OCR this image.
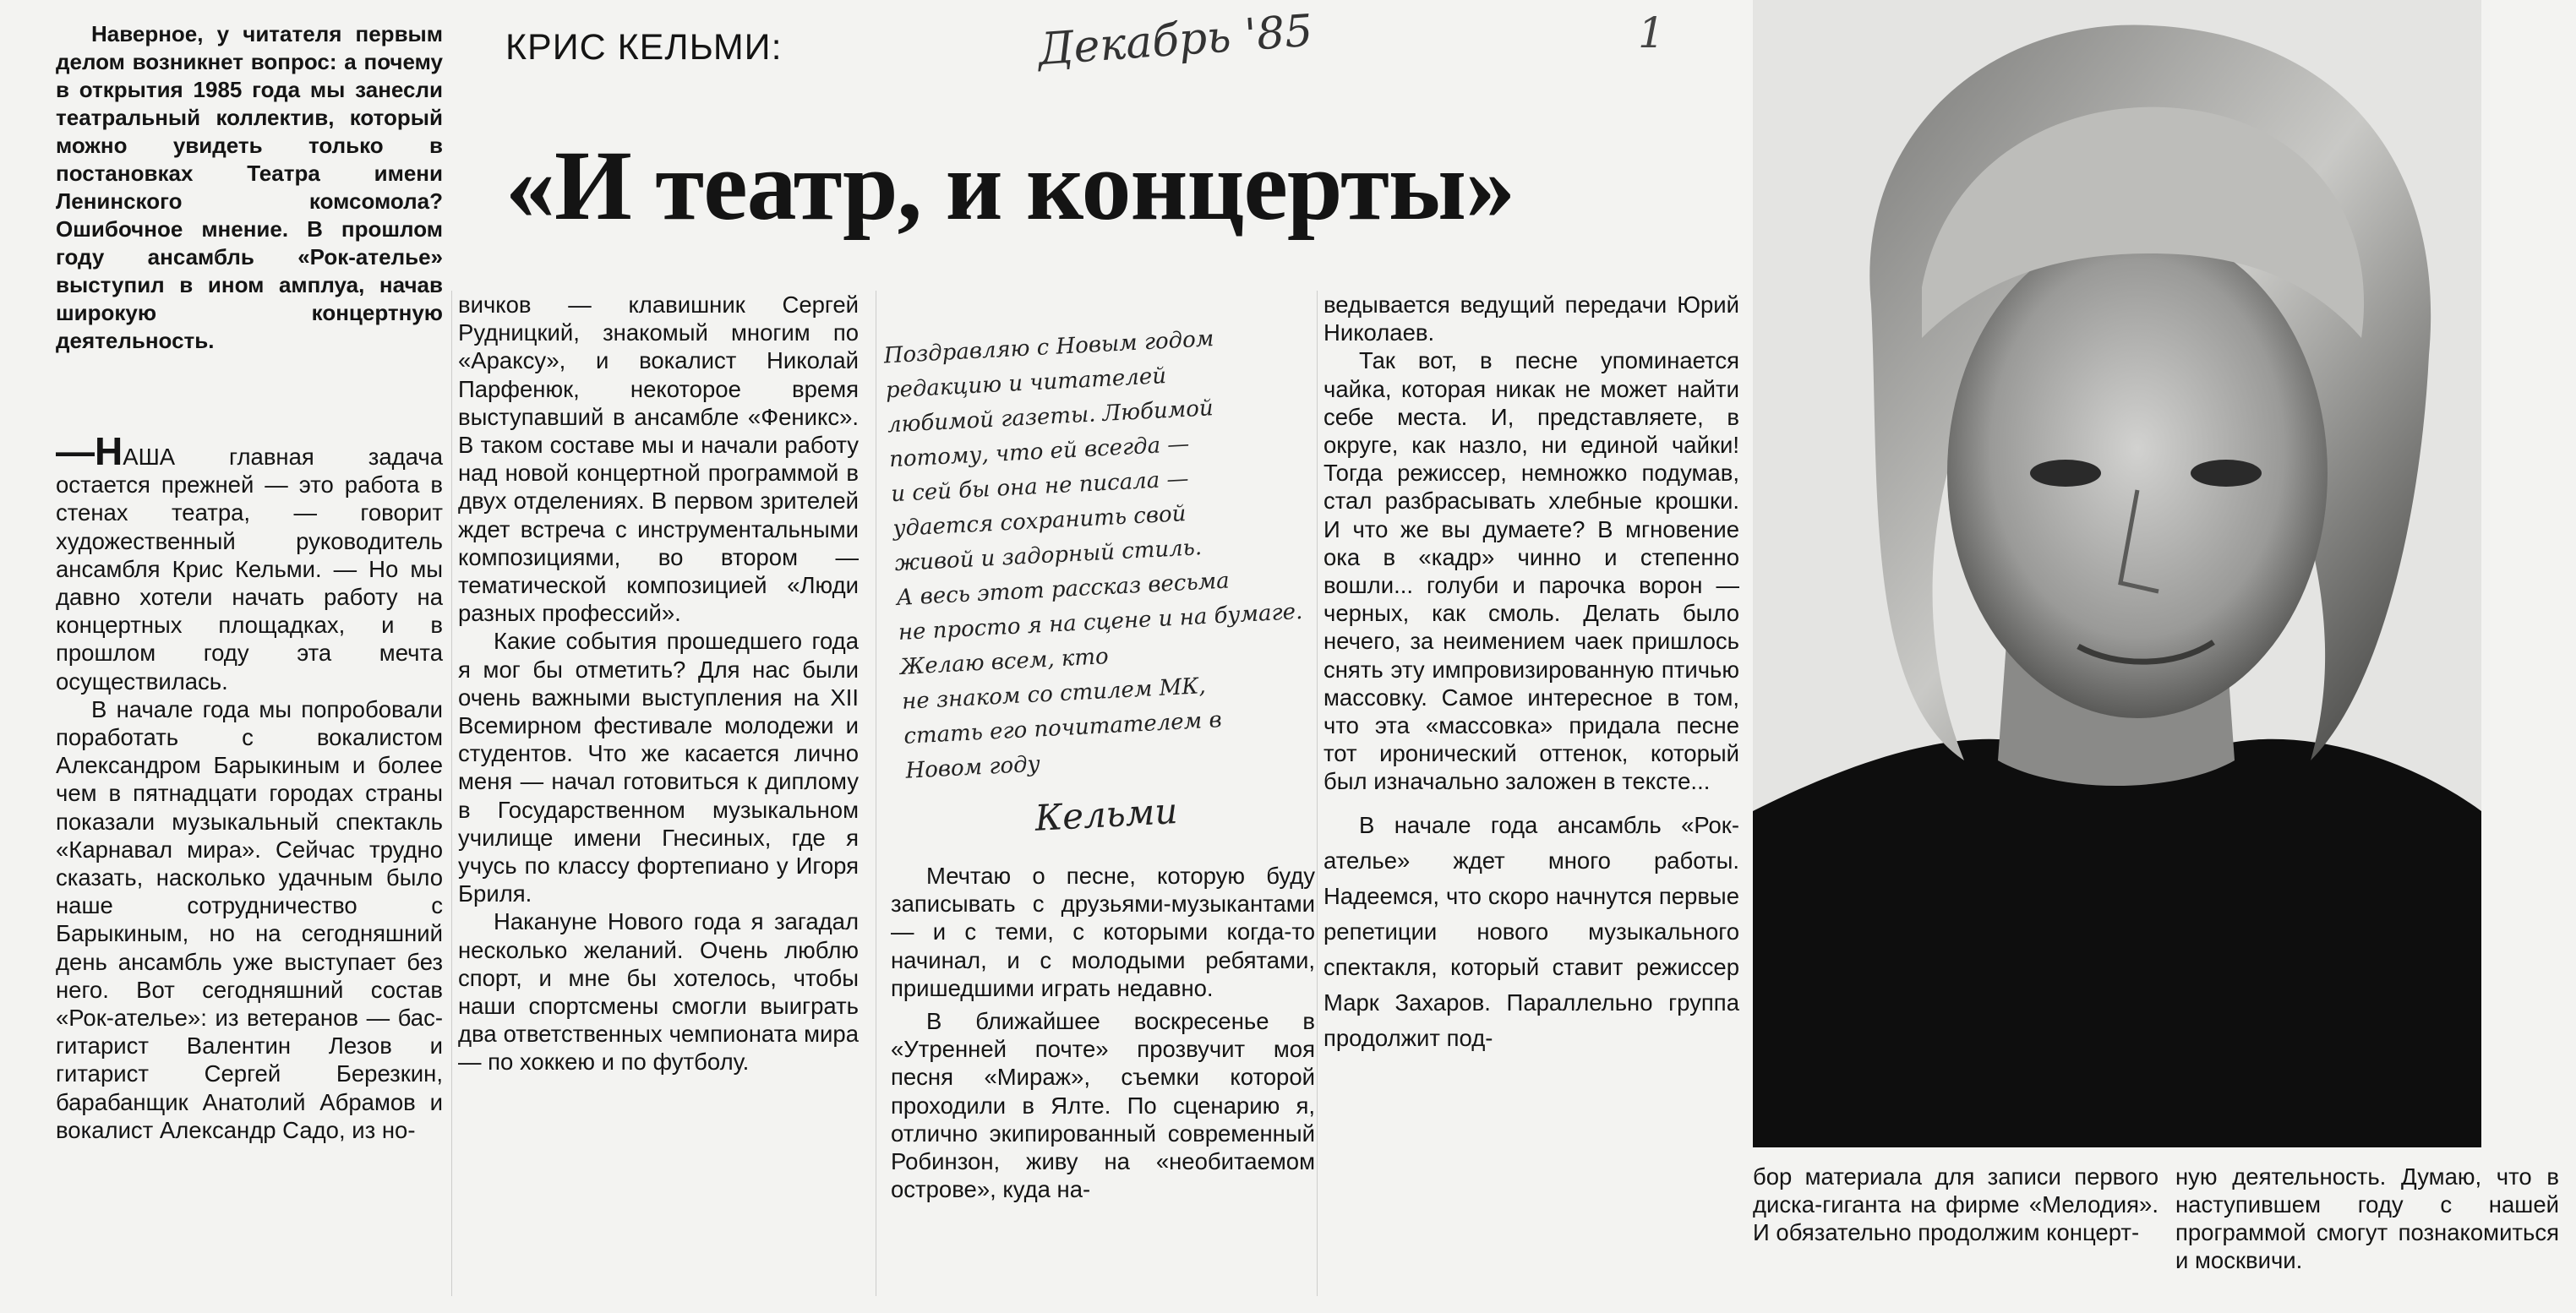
Наверное, у читателя первым делом возникнет вопрос: а почему в открытия 1985 года мы занесли театральный коллектив, который можно увидеть только в постановках Театра имени Ленинского комсомола? Ошибочное мнение. В прошлом году ансамбль «Рок-ателье» выступил в ином амплуа, начав широкую концертную деятельность.

КРИС КЕЛЬМИ:	Декабрь '85	1
«И театр, и концерты»

—НАША главная задача остается прежней — это работа в стенах театра, — говорит художественный руководитель ансамбля Крис Кельми. — Но мы давно хотели начать работу на концертных площадках, и в прошлом году эта мечта осуществилась.

В начале года мы попробовали поработать с вокалистом Александром Барыкиным и более чем в пятнадцати городах страны показали музыкальный спектакль «Карнавал мира». Сейчас трудно сказать, насколько удачным было наше сотрудничество с Барыкиным, но на сегодняшний день ансамбль уже выступает без него. Вот сегодняшний состав «Рок-ателье»: из ветеранов — бас-гитарист Валентин Лезов и гитарист Сергей Березкин, барабанщик Анатолий Абрамов и вокалист Александр Садо, из но-

вичков — клавишник Сергей Рудницкий, знакомый многим по «Араксу», и вокалист Николай Парфенюк, некоторое время выступавший в ансамбле «Феникс». В таком составе мы и начали работу над новой концертной программой в двух отделениях. В первом зрителей ждет встреча с инструментальными композициями, во втором — тематической композицией «Люди разных профессий».

Какие события прошедшего года я мог бы отметить? Для нас были очень важными выступления на XII Всемирном фестивале молодежи и студентов. Что же касается лично меня — начал готовиться к диплому в Государственном музыкальном училище имени Гнесиных, где я учусь по классу фортепиано у Игоря Бриля.

Накануне Нового года я загадал несколько желаний. Очень люблю спорт, и мне бы хотелось, чтобы наши спортсмены смогли выиграть два ответственных чемпионата мира — по хоккею и по футболу.

Поздравляю с Новым годом
редакцию и читателей
любимой газеты. Любимой
потому, что ей всегда —
и сей бы она не писала —
удается сохранить свой
живой и задорный стиль.
А весь этот рассказ весьма
не просто я на сцене и на бумаге.
Желаю всем, кто
не знаком со стилем МК,
стать его почитателем в
Новом году
Кельми

Мечтаю о песне, которую буду записывать с друзьями-музыкантами — и с теми, с которыми когда-то начинал, и с молодыми ребятами, пришедшими играть недавно.

В ближайшее воскресенье в «Утренней почте» прозвучит моя песня «Мираж», съемки которой проходили в Ялте. По сценарию я, отлично экипированный современный Робинзон, живу на «необитаемом острове», куда на-

ведывается ведущий передачи Юрий Николаев.

Так вот, в песне упоминается чайка, которая никак не может найти себе места. И, представляете, в округе, как назло, ни единой чайки! Тогда режиссер, немножко подумав, стал разбрасывать хлебные крошки. И что же вы думаете? В мгновение ока в «кадр» чинно и степенно вошли... голуби и парочка ворон — черных, как смоль. Делать было нечего, за неимением чаек пришлось снять эту импровизированную птичью массовку. Самое интересное в том, что эта «массовка» придала песне тот иронический оттенок, который был изначально заложен в тексте...

В начале года ансамбль «Рок-ателье» ждет много работы. Надеемся, что скоро начнутся первые репетиции нового музыкального спектакля, который ставит режиссер Марк Захаров. Параллельно группа продолжит под-

бор материала для записи первого диска-гиганта на фирме «Мелодия». И обязательно продолжим концерт-
ную деятельность. Думаю, что в наступившем году с нашей программой смогут познакомиться и москвичи.
